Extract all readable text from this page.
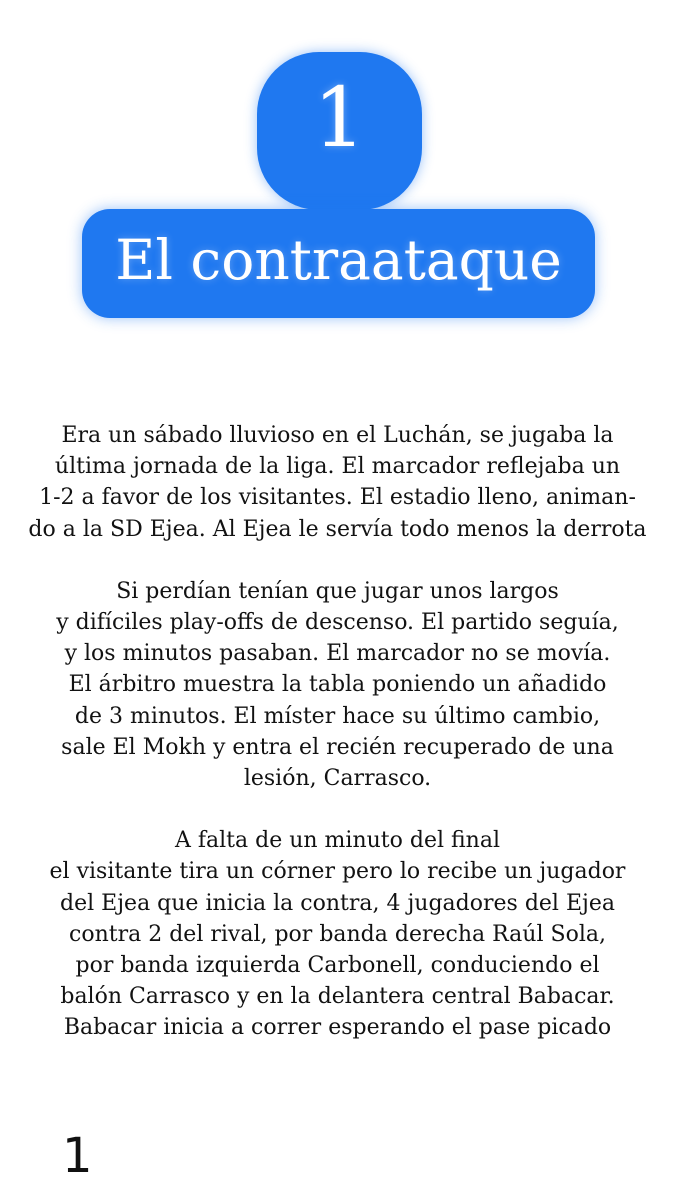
1
El contraataque

Era un sábado lluvioso en el Luchán, se jugaba la
última jornada de la liga. El marcador reflejaba un
1-2 a favor de los visitantes. El estadio lleno, animan-
do a la SD Ejea. Al Ejea le servía todo menos la derrota

Si perdían tenían que jugar unos largos
y difíciles play-offs de descenso. El partido seguía,
y los minutos pasaban. El marcador no se movía.
El árbitro muestra la tabla poniendo un añadido
de 3 minutos. El míster hace su último cambio,
sale El Mokh y entra el recién recuperado de una
lesión, Carrasco.

A falta de un minuto del final
el visitante tira un córner pero lo recibe un jugador
del Ejea que inicia la contra, 4 jugadores del Ejea
contra 2 del rival, por banda derecha Raúl Sola,
por banda izquierda Carbonell, conduciendo el
balón Carrasco y en la delantera central Babacar.
Babacar inicia a correr esperando el pase picado

1
